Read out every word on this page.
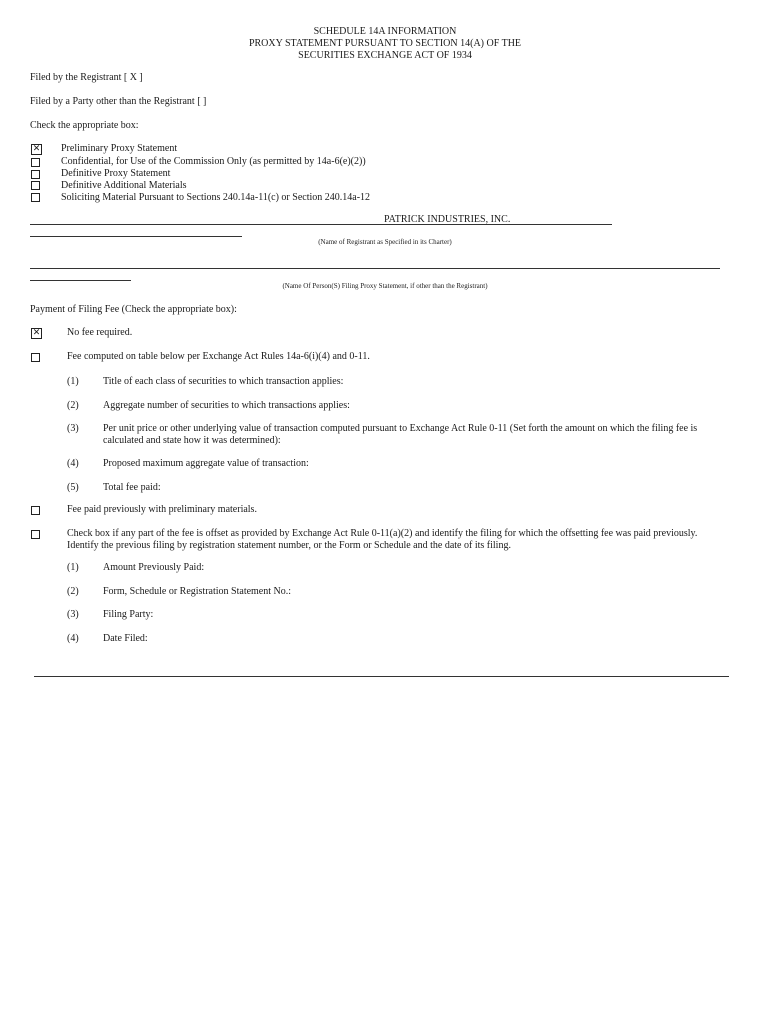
SCHEDULE 14A INFORMATION
PROXY STATEMENT PURSUANT TO SECTION 14(A) OF THE
SECURITIES EXCHANGE ACT OF 1934
Filed by the Registrant [ X ]
Filed by a Party other than the Registrant [ ]
Check the appropriate box:
✕ Preliminary Proxy Statement
Confidential, for Use of the Commission Only (as permitted by 14a-6(e)(2))
Definitive Proxy Statement
Definitive Additional Materials
Soliciting Material Pursuant to Sections 240.14a-11(c) or Section 240.14a-12
PATRICK INDUSTRIES, INC.
(Name of Registrant as Specified in its Charter)
(Name Of Person(S) Filing Proxy Statement, if other than the Registrant)
Payment of Filing Fee (Check the appropriate box):
✕	No fee required.
Fee computed on table below per Exchange Act Rules 14a-6(i)(4) and 0-11.
(1) Title of each class of securities to which transaction applies:
(2) Aggregate number of securities to which transactions applies:
(3) Per unit price or other underlying value of transaction computed pursuant to Exchange Act Rule 0-11 (Set forth the amount on which the filing fee is calculated and state how it was determined):
(4) Proposed maximum aggregate value of transaction:
(5) Total fee paid:
Fee paid previously with preliminary materials.
Check box if any part of the fee is offset as provided by Exchange Act Rule 0-11(a)(2) and identify the filing for which the offsetting fee was paid previously. Identify the previous filing by registration statement number, or the Form or Schedule and the date of its filing.
(1) Amount Previously Paid:
(2) Form, Schedule or Registration Statement No.:
(3) Filing Party:
(4) Date Filed:
